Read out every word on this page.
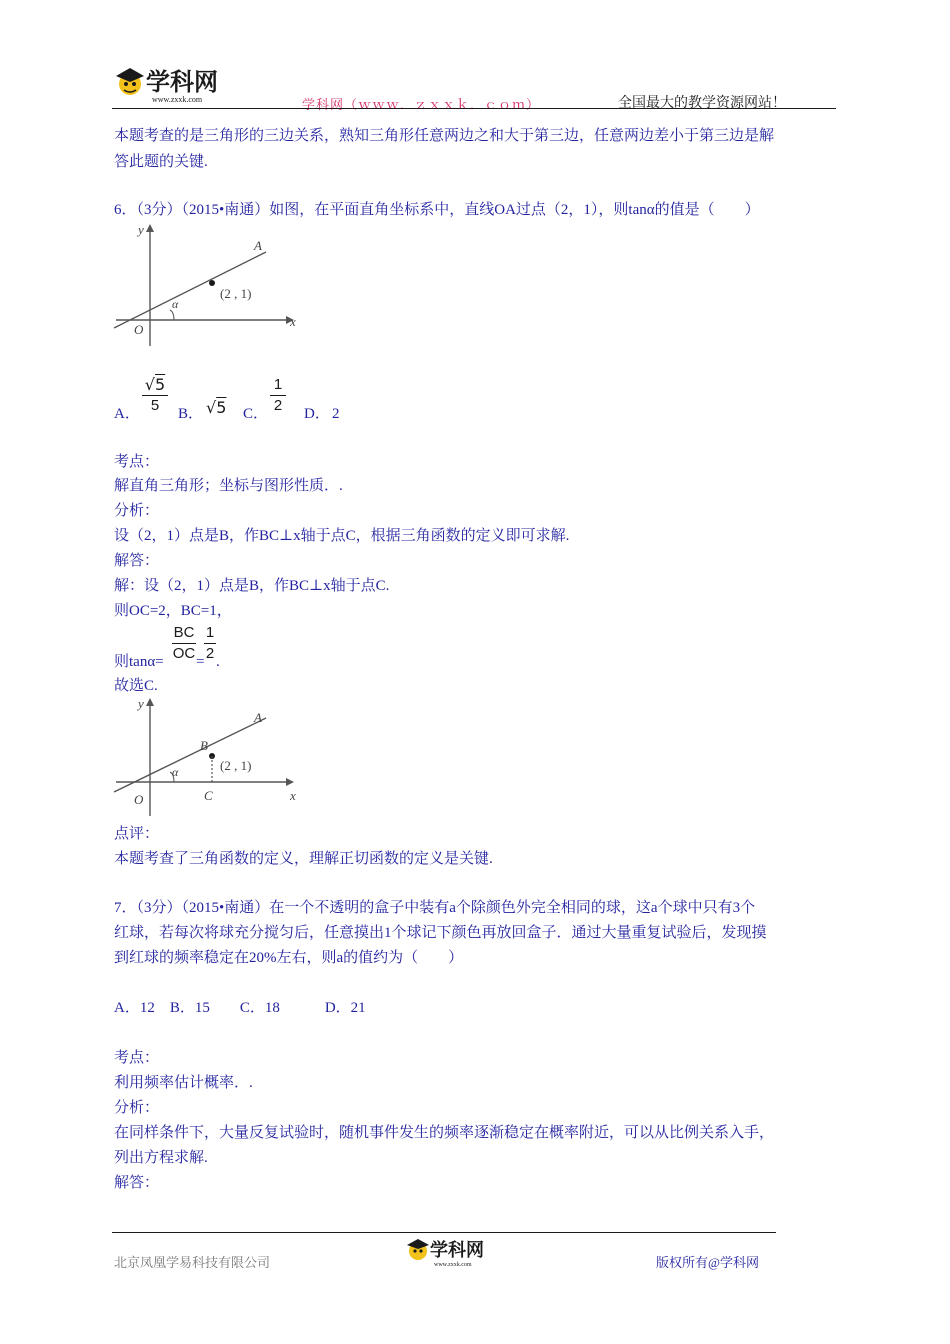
学科网
www.zxxk.com	学科网（ｗｗｗ．ｚｘｘｋ．ｃｏｍ）	全国最大的教学资源网站！
本题考查的是三角形的三边关系，熟知三角形任意两边之和大于第三边，任意两边差小于第三边是解
答此题的关键.
6．（3分）（2015•南通）如图，在平面直角坐标系中，直线OA过点（2，1），则tanα的值是（　　）
y
x
O
A
α
(2 , 1)
A．
√5
5	B． √5 C．
1
2 D． 2
考点：
解直角三角形；坐标与图形性质．.
分析：
设（2，1）点是B，作BC⊥x轴于点C，根据三角函数的定义即可求解.
解答：
解：设（2，1）点是B，作BC⊥x轴于点C.
则OC=2，BC=1，
则tanα=
BC
OC =
1
2 .
故选C.
y
x
O
A
B
C
α	(2 , 1)
点评：
本题考查了三角函数的定义，理解正切函数的定义是关键.
7．（3分）（2015•南通）在一个不透明的盒子中装有a个除颜色外完全相同的球，这a个球中只有3个
红球，若每次将球充分搅匀后，任意摸出1个球记下颜色再放回盒子．通过大量重复试验后，发现摸
到红球的频率稳定在20%左右，则a的值约为（　　）
A．12　B．15　　C．18　　　D．21
考点：
利用频率估计概率．.
分析：
在同样条件下，大量反复试验时，随机事件发生的频率逐渐稳定在概率附近，可以从比例关系入手，
列出方程求解.
解答：
北京凤凰学易科技有限公司
学科网
www.zxxk.com	版权所有@学科网
